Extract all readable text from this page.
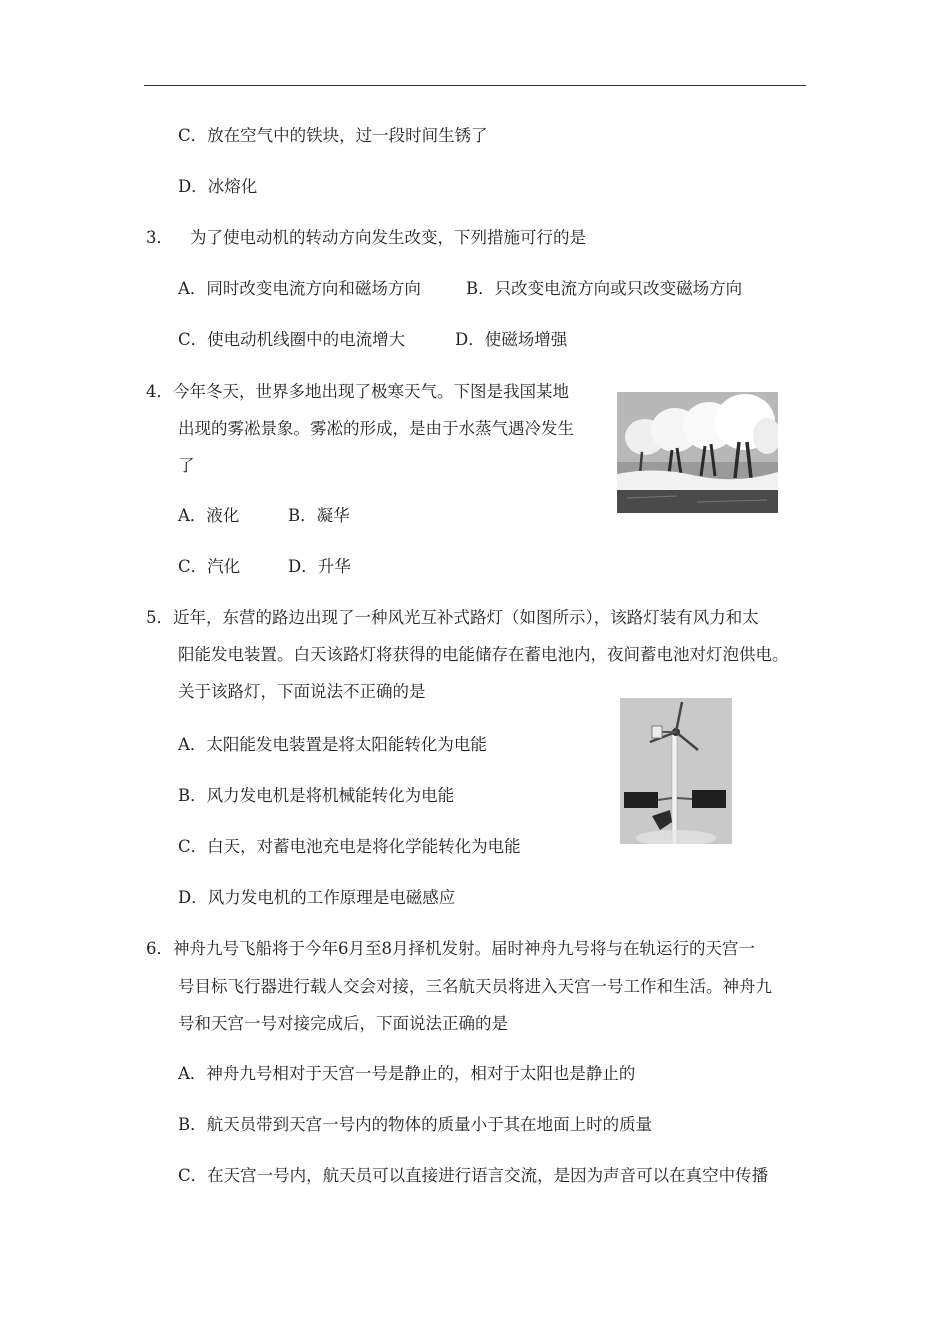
C．放在空气中的铁块，过一段时间生锈了
D．冰熔化
3． 为了使电动机的转动方向发生改变，下列措施可行的是
A．同时改变电流方向和磁场方向	B．只改变电流方向或只改变磁场方向
C．使电动机线圈中的电流增大	D．使磁场增强
4．今年冬天，世界多地出现了极寒天气。下图是我国某地
出现的雾凇景象。雾凇的形成，是由于水蒸气遇冷发生
了
A．液化	B．凝华
C．汽化	D．升华
5．近年，东营的路边出现了一种风光互补式路灯（如图所示），该路灯装有风力和太
阳能发电装置。白天该路灯将获得的电能储存在蓄电池内，夜间蓄电池对灯泡供电。
关于该路灯，下面说法不正确的是
A．太阳能发电装置是将太阳能转化为电能
B．风力发电机是将机械能转化为电能
C．白天，对蓄电池充电是将化学能转化为电能
D．风力发电机的工作原理是电磁感应
6．神舟九号飞船将于今年6月至8月择机发射。届时神舟九号将与在轨运行的天宫一
号目标飞行器进行载人交会对接，三名航天员将进入天宫一号工作和生活。神舟九
号和天宫一号对接完成后，下面说法正确的是
A．神舟九号相对于天宫一号是静止的，相对于太阳也是静止的
B．航天员带到天宫一号内的物体的质量小于其在地面上时的质量
C．在天宫一号内，航天员可以直接进行语言交流，是因为声音可以在真空中传播
